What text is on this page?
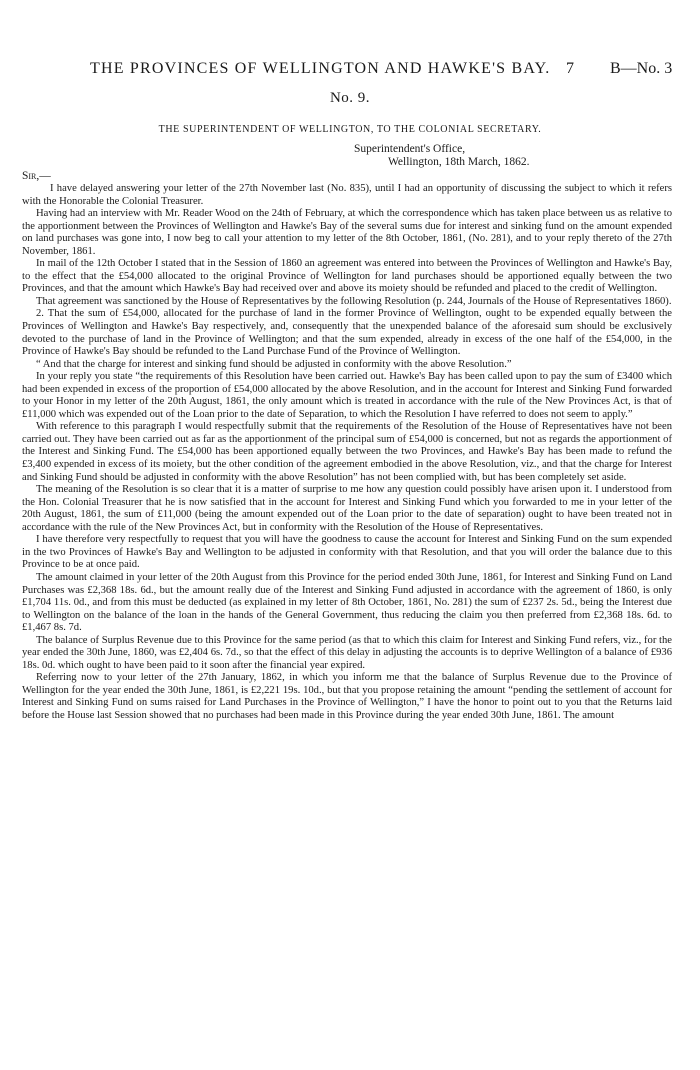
THE PROVINCES OF WELLINGTON AND HAWKE'S BAY. 7 B—No. 3
No. 9.
THE SUPERINTENDENT OF WELLINGTON, TO THE COLONIAL SECRETARY.
Superintendent's Office,
Wellington, 18th March, 1862.
Sir,—

I have delayed answering your letter of the 27th November last (No. 835), until I had an opportunity of discussing the subject to which it refers with the Honorable the Colonial Treasurer.

Having had an interview with Mr. Reader Wood on the 24th of February, at which the correspondence which has taken place between us as relative to the apportionment between the Provinces of Wellington and Hawke's Bay of the several sums due for interest and sinking fund on the amount expended on land purchases was gone into, I now beg to call your attention to my letter of the 8th October, 1861, (No. 281), and to your reply thereto of the 27th November, 1861.

In mail of the 12th October I stated that in the Session of 1860 an agreement was entered into between the Provinces of Wellington and Hawke's Bay, to the effect that the £54,000 allocated to the original Province of Wellington for land purchases should be apportioned equally between the two Provinces, and that the amount which Hawke's Bay had received over and above its moiety should be refunded and placed to the credit of Wellington.

That agreement was sanctioned by the House of Representatives by the following Resolution (p. 244, Journals of the House of Representatives 1860).

2. That the sum of £54,000, allocated for the purchase of land in the former Province of Wellington, ought to be expended equally between the Provinces of Wellington and Hawke's Bay respectively, and, consequently that the unexpended balance of the aforesaid sum should be exclusively devoted to the purchase of land in the Province of Wellington; and that the sum expended, already in excess of the one half of the £54,000, in the Province of Hawke's Bay should be refunded to the Land Purchase Fund of the Province of Wellington.

“ And that the charge for interest and sinking fund should be adjusted in conformity with the above Resolution.”

In your reply you state “the requirements of this Resolution have been carried out. Hawke's Bay has been called upon to pay the sum of £3400 which had been expended in excess of the proportion of £54,000 allocated by the above Resolution, and in the account for Interest and Sinking Fund forwarded to your Honor in my letter of the 20th August, 1861, the only amount which is treated in accordance with the rule of the New Provinces Act, is that of £11,000 which was expended out of the Loan prior to the date of Separation, to which the Resolution I have referred to does not seem to apply.”

With reference to this paragraph I would respectfully submit that the requirements of the Resolution of the House of Representatives have not been carried out. They have been carried out as far as the apportionment of the principal sum of £54,000 is concerned, but not as regards the apportionment of the Interest and Sinking Fund. The £54,000 has been apportioned equally between the two Provinces, and Hawke's Bay has been made to refund the £3,400 expended in excess of its moiety, but the other condition of the agreement embodied in the above Resolution, viz., and that the charge for Interest and Sinking Fund should be adjusted in conformity with the above Resolution” has not been complied with, but has been completely set aside.

The meaning of the Resolution is so clear that it is a matter of surprise to me how any question could possibly have arisen upon it. I understood from the Hon. Colonial Treasurer that he is now satisfied that in the account for Interest and Sinking Fund which you forwarded to me in your letter of the 20th August, 1861, the sum of £11,000 (being the amount expended out of the Loan prior to the date of separation) ought to have been treated not in accordance with the rule of the New Provinces Act, but in conformity with the Resolution of the House of Representatives.

I have therefore very respectfully to request that you will have the goodness to cause the account for Interest and Sinking Fund on the sum expended in the two Provinces of Hawke's Bay and Wellington to be adjusted in conformity with that Resolution, and that you will order the balance due to this Province to be at once paid.

The amount claimed in your letter of the 20th August from this Province for the period ended 30th June, 1861, for Interest and Sinking Fund on Land Purchases was £2,368 18s. 6d., but the amount really due of the Interest and Sinking Fund adjusted in accordance with the agreement of 1860, is only £1,704 11s. 0d., and from this must be deducted (as explained in my letter of 8th October, 1861, No. 281) the sum of £237 2s. 5d., being the Interest due to Wellington on the balance of the loan in the hands of the General Government, thus reducing the claim you then preferred from £2,368 18s. 6d. to £1,467 8s. 7d.

The balance of Surplus Revenue due to this Province for the same period (as that to which this claim for Interest and Sinking Fund refers, viz., for the year ended the 30th June, 1860, was £2,404 6s. 7d., so that the effect of this delay in adjusting the accounts is to deprive Wellington of a balance of £936 18s. 0d. which ought to have been paid to it soon after the financial year expired.

Referring now to your letter of the 27th January, 1862, in which you inform me that the balance of Surplus Revenue due to the Province of Wellington for the year ended the 30th June, 1861, is £2,221 19s. 10d., but that you propose retaining the amount “pending the settlement of account for Interest and Sinking Fund on sums raised for Land Purchases in the Province of Wellington,” I have the honor to point out to you that the Returns laid before the House last Session showed that no purchases had been made in this Province during the year ended 30th June, 1861. The amount
